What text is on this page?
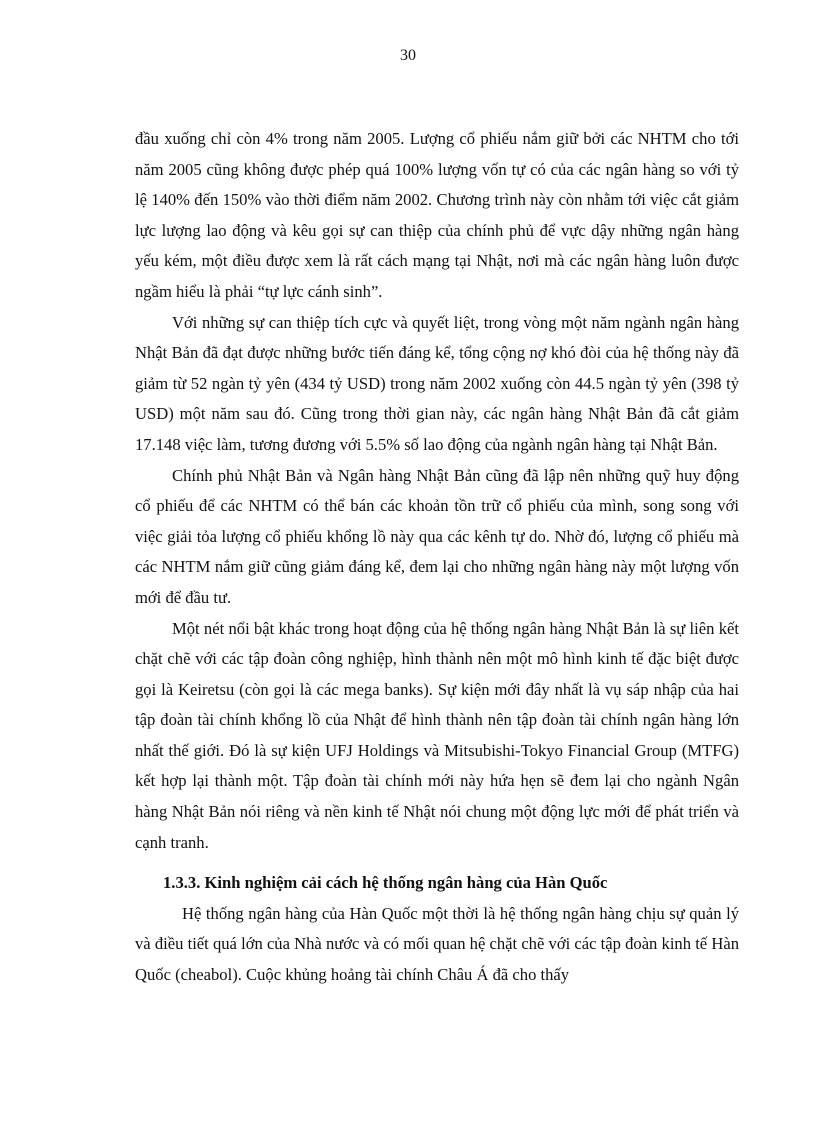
30

đầu xuống chỉ còn 4% trong năm 2005. Lượng cổ phiếu nắm giữ bởi các NHTM cho tới năm 2005 cũng không được phép quá 100% lượng vốn tự có của các ngân hàng so với tỷ lệ 140% đến 150% vào thời điểm năm 2002. Chương trình này còn nhằm tới việc cắt giảm lực lượng lao động và kêu gọi sự can thiệp của chính phủ để vực dậy những ngân hàng yếu kém, một điều được xem là rất cách mạng tại Nhật, nơi mà các ngân hàng luôn được ngầm hiểu là phải “tự lực cánh sinh”.

Với những sự can thiệp tích cực và quyết liệt, trong vòng một năm ngành ngân hàng Nhật Bản đã đạt được những bước tiến đáng kể, tổng cộng nợ khó đòi của hệ thống này đã giảm từ 52 ngàn tỷ yên (434 tỷ USD) trong năm 2002 xuống còn 44.5 ngàn tỷ yên (398 tỷ USD) một năm sau đó. Cũng trong thời gian này, các ngân hàng Nhật Bản đã cắt giảm 17.148 việc làm, tương đương với 5.5% số lao động của ngành ngân hàng tại Nhật Bản.

Chính phủ Nhật Bản và Ngân hàng Nhật Bản cũng đã lập nên những quỹ huy động cổ phiếu để các NHTM có thể bán các khoản tồn trữ cổ phiếu của mình, song song với việc giải tỏa lượng cổ phiếu khổng lồ này qua các kênh tự do. Nhờ đó, lượng cổ phiếu mà các NHTM nắm giữ cũng giảm đáng kể, đem lại cho những ngân hàng này một lượng vốn mới để đầu tư.

Một nét nổi bật khác trong hoạt động của hệ thống ngân hàng Nhật Bản là sự liên kết chặt chẽ với các tập đoàn công nghiệp, hình thành nên một mô hình kinh tế đặc biệt được gọi là Keiretsu (còn gọi là các mega banks). Sự kiện mới đây nhất là vụ sáp nhập của hai tập đoàn tài chính khổng lồ của Nhật để hình thành nên tập đoàn tài chính ngân hàng lớn nhất thế giới. Đó là sự kiện UFJ Holdings và Mitsubishi-Tokyo Financial Group (MTFG) kết hợp lại thành một. Tập đoàn tài chính mới này hứa hẹn sẽ đem lại cho ngành Ngân hàng Nhật Bản nói riêng và nền kinh tế Nhật nói chung một động lực mới để phát triển và cạnh tranh.

1.3.3. Kinh nghiệm cải cách hệ thống ngân hàng của Hàn Quốc

Hệ thống ngân hàng của Hàn Quốc một thời là hệ thống ngân hàng chịu sự quản lý và điều tiết quá lớn của Nhà nước và có mối quan hệ chặt chẽ với các tập đoàn kinh tế Hàn Quốc (cheabol). Cuộc khủng hoảng tài chính Châu Á đã cho thấy
